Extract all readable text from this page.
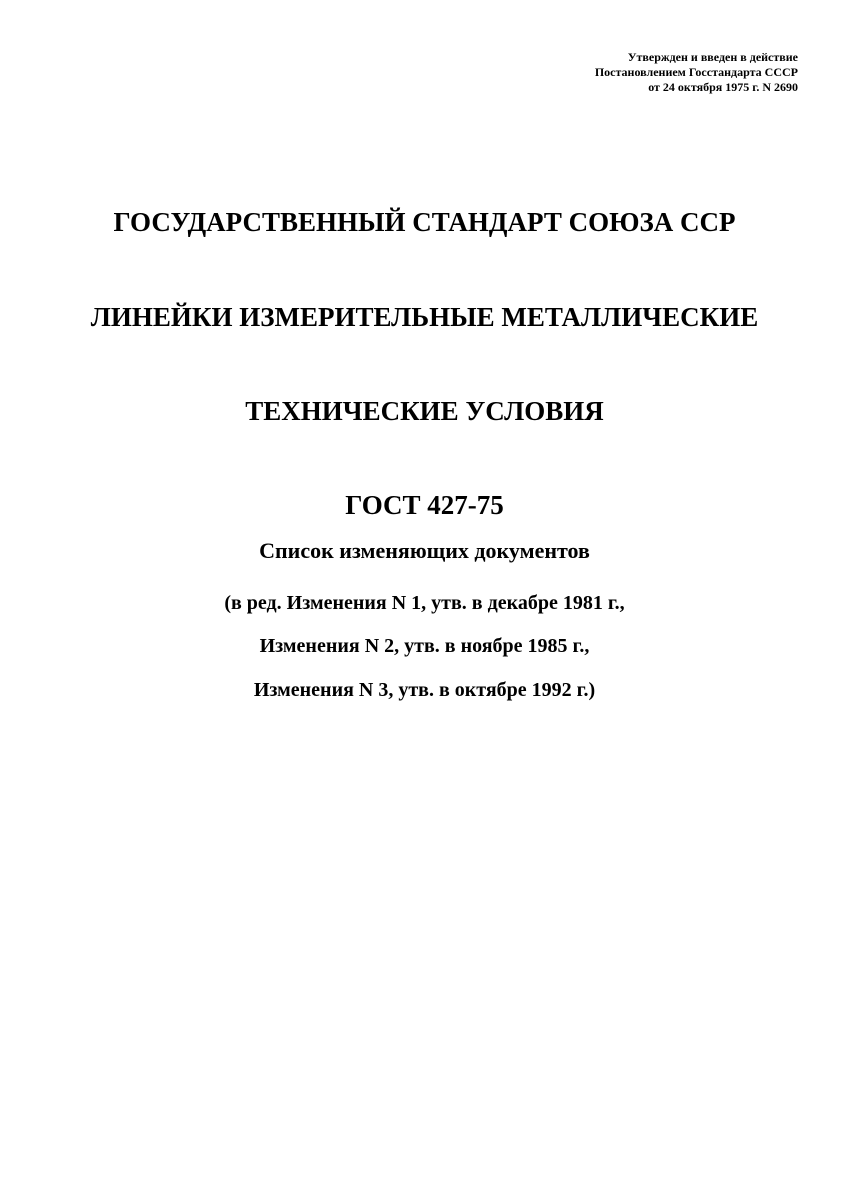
Утвержден и введен в действие
Постановлением Госстандарта СССР
от 24 октября 1975 г. N 2690
ГОСУДАРСТВЕННЫЙ СТАНДАРТ СОЮЗА ССР
ЛИНЕЙКИ ИЗМЕРИТЕЛЬНЫЕ МЕТАЛЛИЧЕСКИЕ
ТЕХНИЧЕСКИЕ УСЛОВИЯ
ГОСТ 427-75
Список изменяющих документов
(в ред. Изменения N 1, утв. в декабре 1981 г.,
Изменения N 2, утв. в ноябре 1985 г.,
Изменения N 3, утв. в октябре 1992 г.)
